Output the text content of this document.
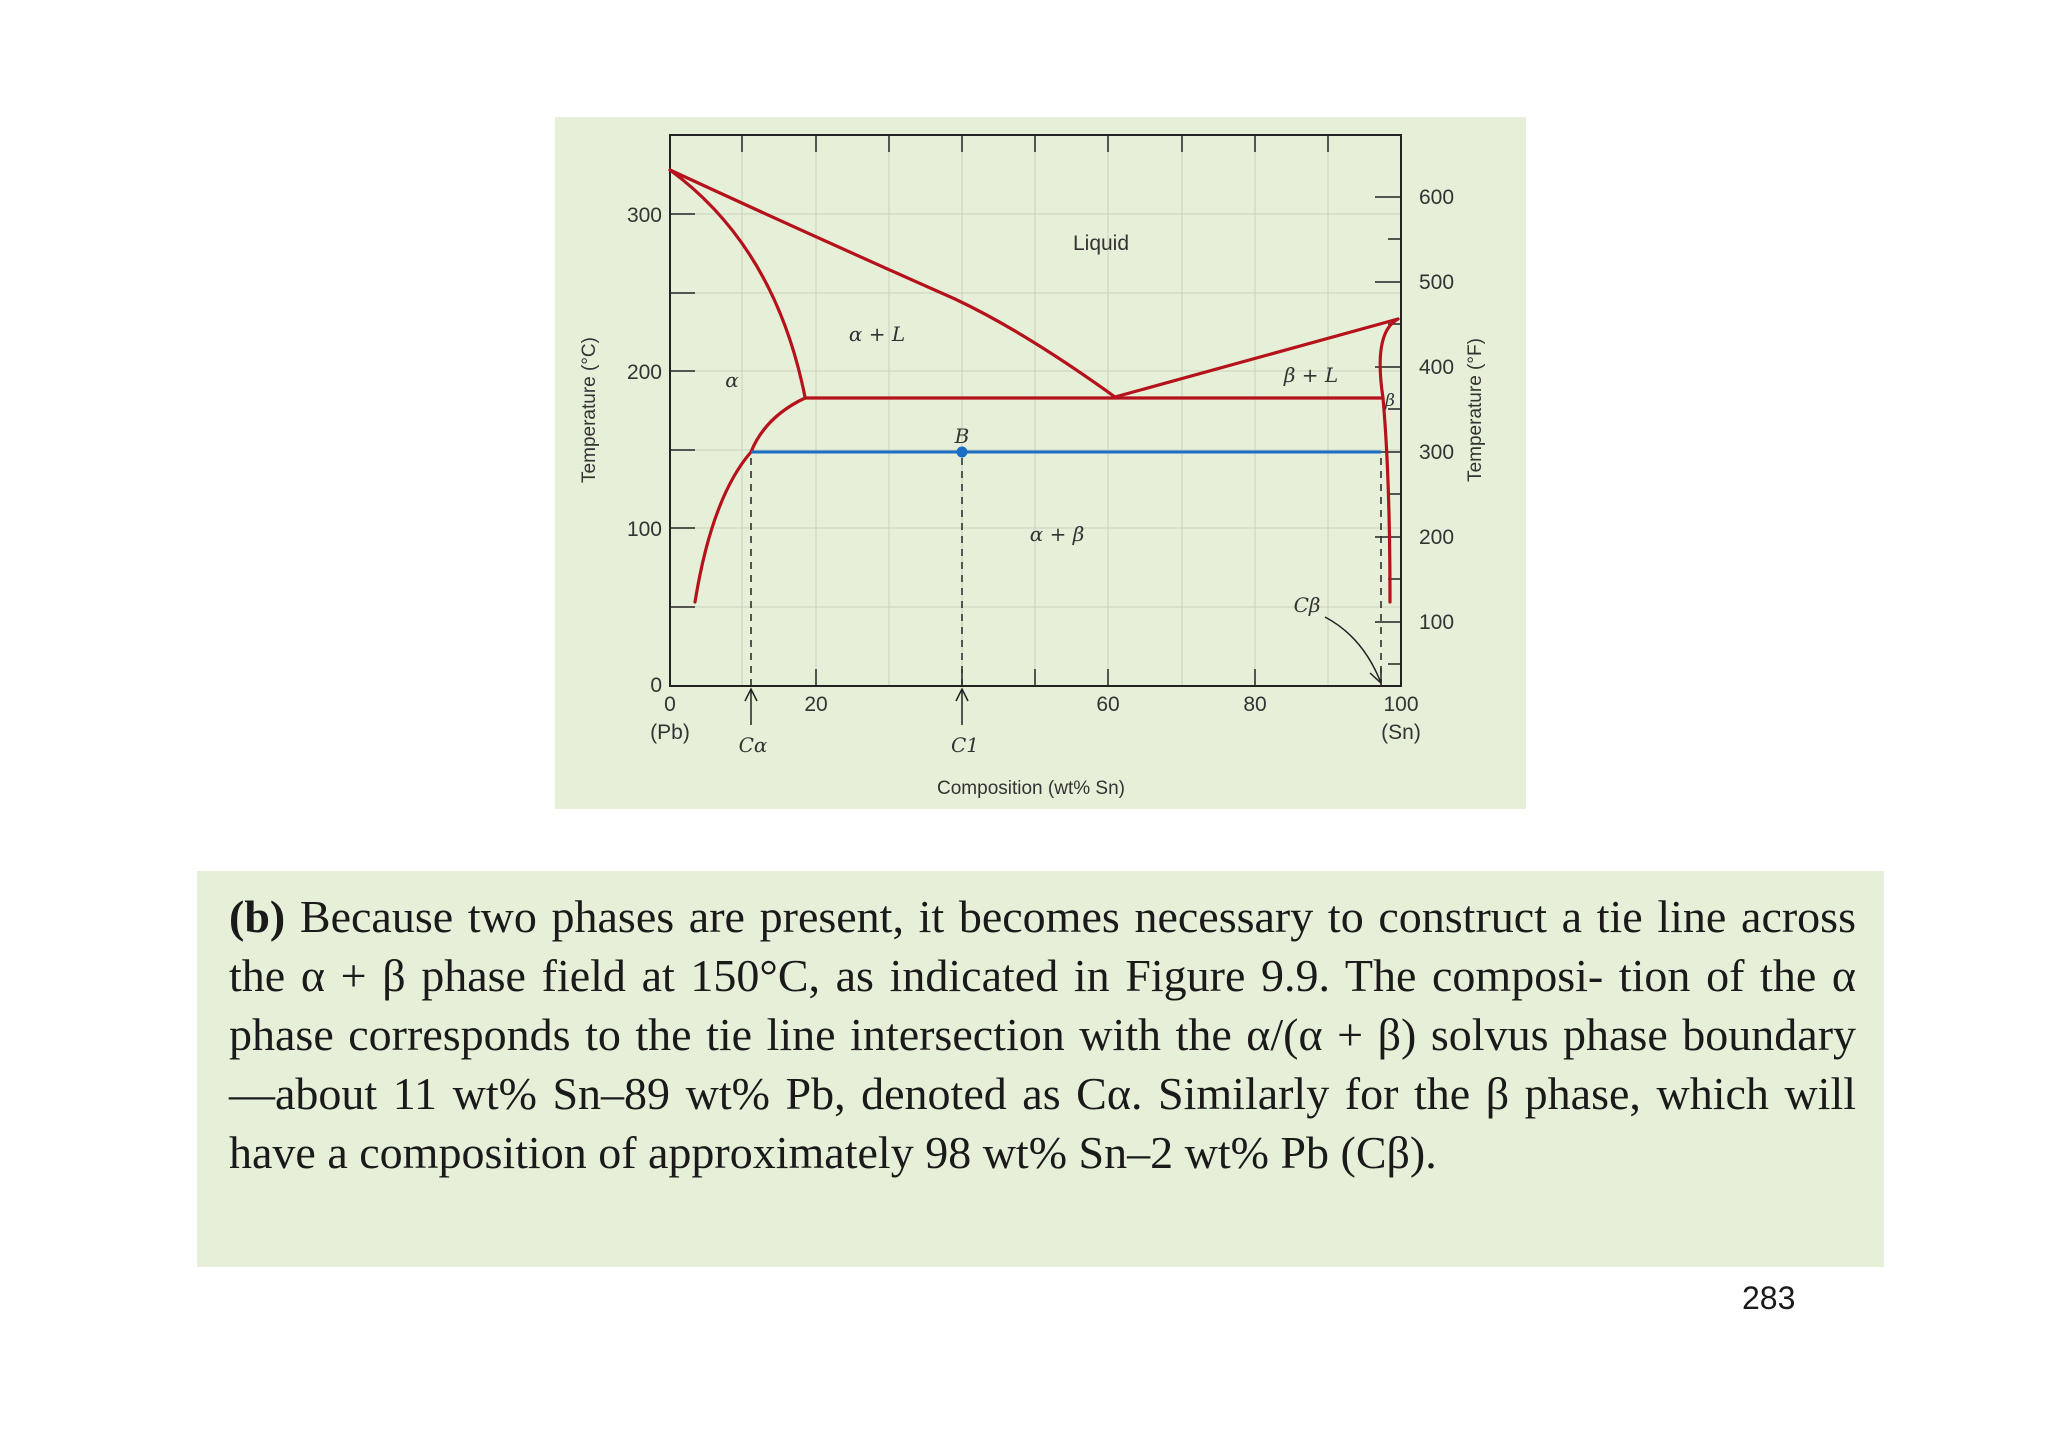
Liquid
α + L
α	β + L
β
α + β
B
Cα	C1
Cβ
0
100
200
300
100
200
300
400
500
600
0
(Pb)
20	60	80	100
(Sn)
Composition (wt% Sn)
Temperature (°C)	Temperature (°F)

(b) Because two phases are present, it becomes necessary to construct a tie line across the α + β phase field at 150°C, as indicated in Figure 9.9. The composi- tion of the α phase corresponds to the tie line intersection with the α/(α + β) solvus phase boundary—about 11 wt% Sn–89 wt% Pb, denoted as Cα. Similarly for the β phase, which will have a composition of approximately 98 wt% Sn–2 wt% Pb (Cβ).

283
